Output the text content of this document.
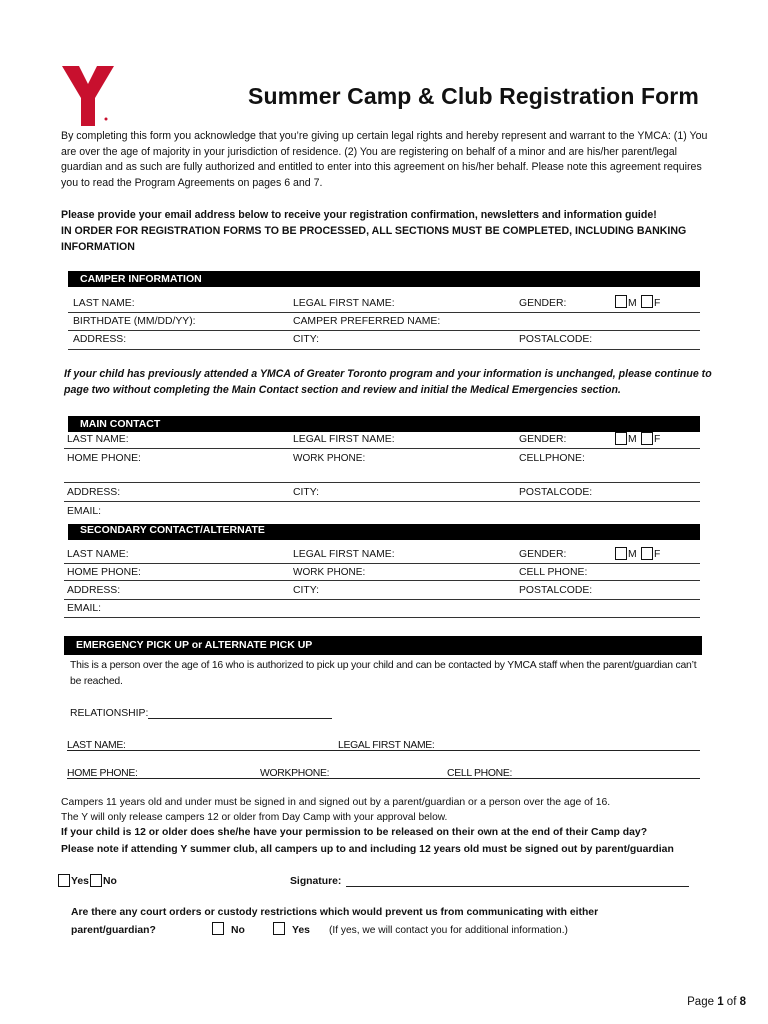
Summer Camp & Club Registration Form
By completing this form you acknowledge that you’re giving up certain legal rights and hereby represent and warrant to the YMCA: (1) You are over the age of majority in your jurisdiction of residence. (2) You are registering on behalf of a minor and are his/her parent/legal guardian and as such are fully authorized and entitled to enter into this agreement on his/her behalf. Please note this agreement requires you to read the Program Agreements on pages 6 and 7.
Please provide your email address below to receive your registration confirmation, newsletters and information guide!
IN ORDER FOR REGISTRATION FORMS TO BE PROCESSED, ALL SECTIONS MUST BE COMPLETED, INCLUDING BANKING INFORMATION
CAMPER INFORMATION
LAST NAME:	LEGAL FIRST NAME:	GENDER:	M F
BIRTHDATE (MM/DD/YY):	CAMPER PREFERRED NAME:
ADDRESS:	CITY:	POSTALCODE:
If your child has previously attended a YMCA of Greater Toronto program and your information is unchanged, please continue to page two without completing the Main Contact section and review and initial the Medical Emergencies section.
MAIN CONTACT
LAST NAME:	LEGAL FIRST NAME:	GENDER:	M F
HOME PHONE:	WORK PHONE:	CELLPHONE:
ADDRESS:	CITY:	POSTALCODE:
EMAIL:
SECONDARY CONTACT/ALTERNATE
LAST NAME:	LEGAL FIRST NAME:	GENDER:	M F
HOME PHONE:	WORK PHONE:	CELL PHONE:
ADDRESS:	CITY:	POSTALCODE:
EMAIL:
EMERGENCY PICK UP or ALTERNATE PICK UP
This is a person over the age of 16 who is authorized to pick up your child and can be contacted by YMCA staff when the parent/guardian can’t be reached.
RELATIONSHIP:
LAST NAME:	LEGAL FIRST NAME:
HOME PHONE:	WORKPHONE:	CELL PHONE:
Campers 11 years old and under must be signed in and signed out by a parent/guardian or a person over the age of 16.
The Y will only release campers 12 or older from Day Camp with your approval below.
If your child is 12 or older does she/he have your permission to be released on their own at the end of their Camp day?
Please note if attending Y summer club, all campers up to and including 12 years old must be signed out by parent/guardian
Yes No	Signature:
Are there any court orders or custody restrictions which would prevent us from communicating with either
parent/guardian?	No	Yes (If yes, we will contact you for additional information.)
Page 1 of 8
